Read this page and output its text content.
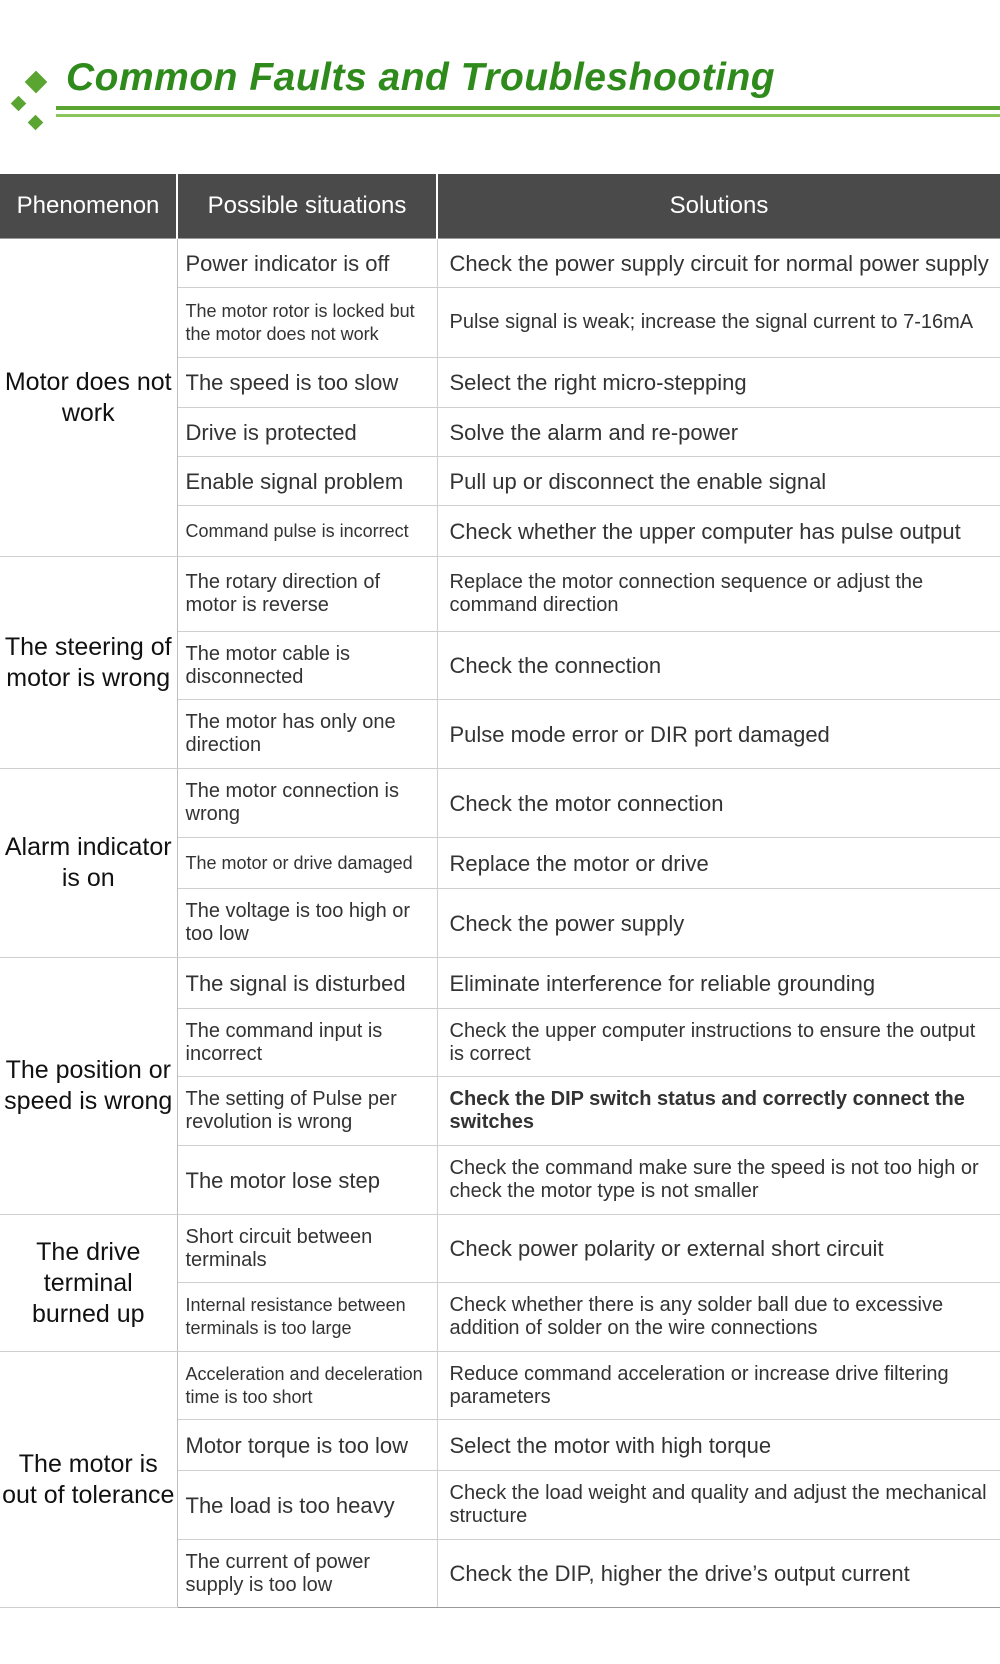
Common Faults and Troubleshooting
Phenomenon	Possible situations	Solutions
Motor does not work	Power indicator is off	Check the power supply circuit for normal power supply
	The motor rotor is locked but the motor does not work	Pulse signal is weak; increase the signal current to 7-16mA
	The speed is too slow	Select the right micro-stepping
	Drive is protected	Solve the alarm and re-power
	Enable signal problem	Pull up or disconnect the enable signal
	Command pulse is incorrect	Check whether the upper computer has pulse output
The steering of motor is wrong	The rotary direction of motor is reverse	Replace the motor connection sequence or adjust the command direction
	The motor cable is disconnected	Check the connection
	The motor has only one direction	Pulse mode error or DIR port damaged
Alarm indicator is on	The motor connection is wrong	Check the motor connection
	The motor or drive damaged	Replace the motor or drive
	The voltage is too high or too low	Check the power supply
The position or speed is wrong	The signal is disturbed	Eliminate interference for reliable grounding
	The command input is incorrect	Check the upper computer instructions to ensure the output is correct
	The setting of Pulse per revolution is wrong	Check the DIP switch status and correctly connect the switches
	The motor lose step	Check the command make sure the speed is not too high or check the motor type is not smaller
The drive terminal burned up	Short circuit between terminals	Check power polarity or external short circuit
	Internal resistance between terminals is too large	Check whether there is any solder ball due to excessive addition of solder on the wire connections
The motor is out of tolerance	Acceleration and deceleration time is too short	Reduce command acceleration or increase drive filtering parameters
	Motor torque is too low	Select the motor with high torque
	The load is too heavy	Check the load weight and quality and adjust the mechanical structure
	The current of power supply is too low	Check the DIP, higher the drive’s output current
